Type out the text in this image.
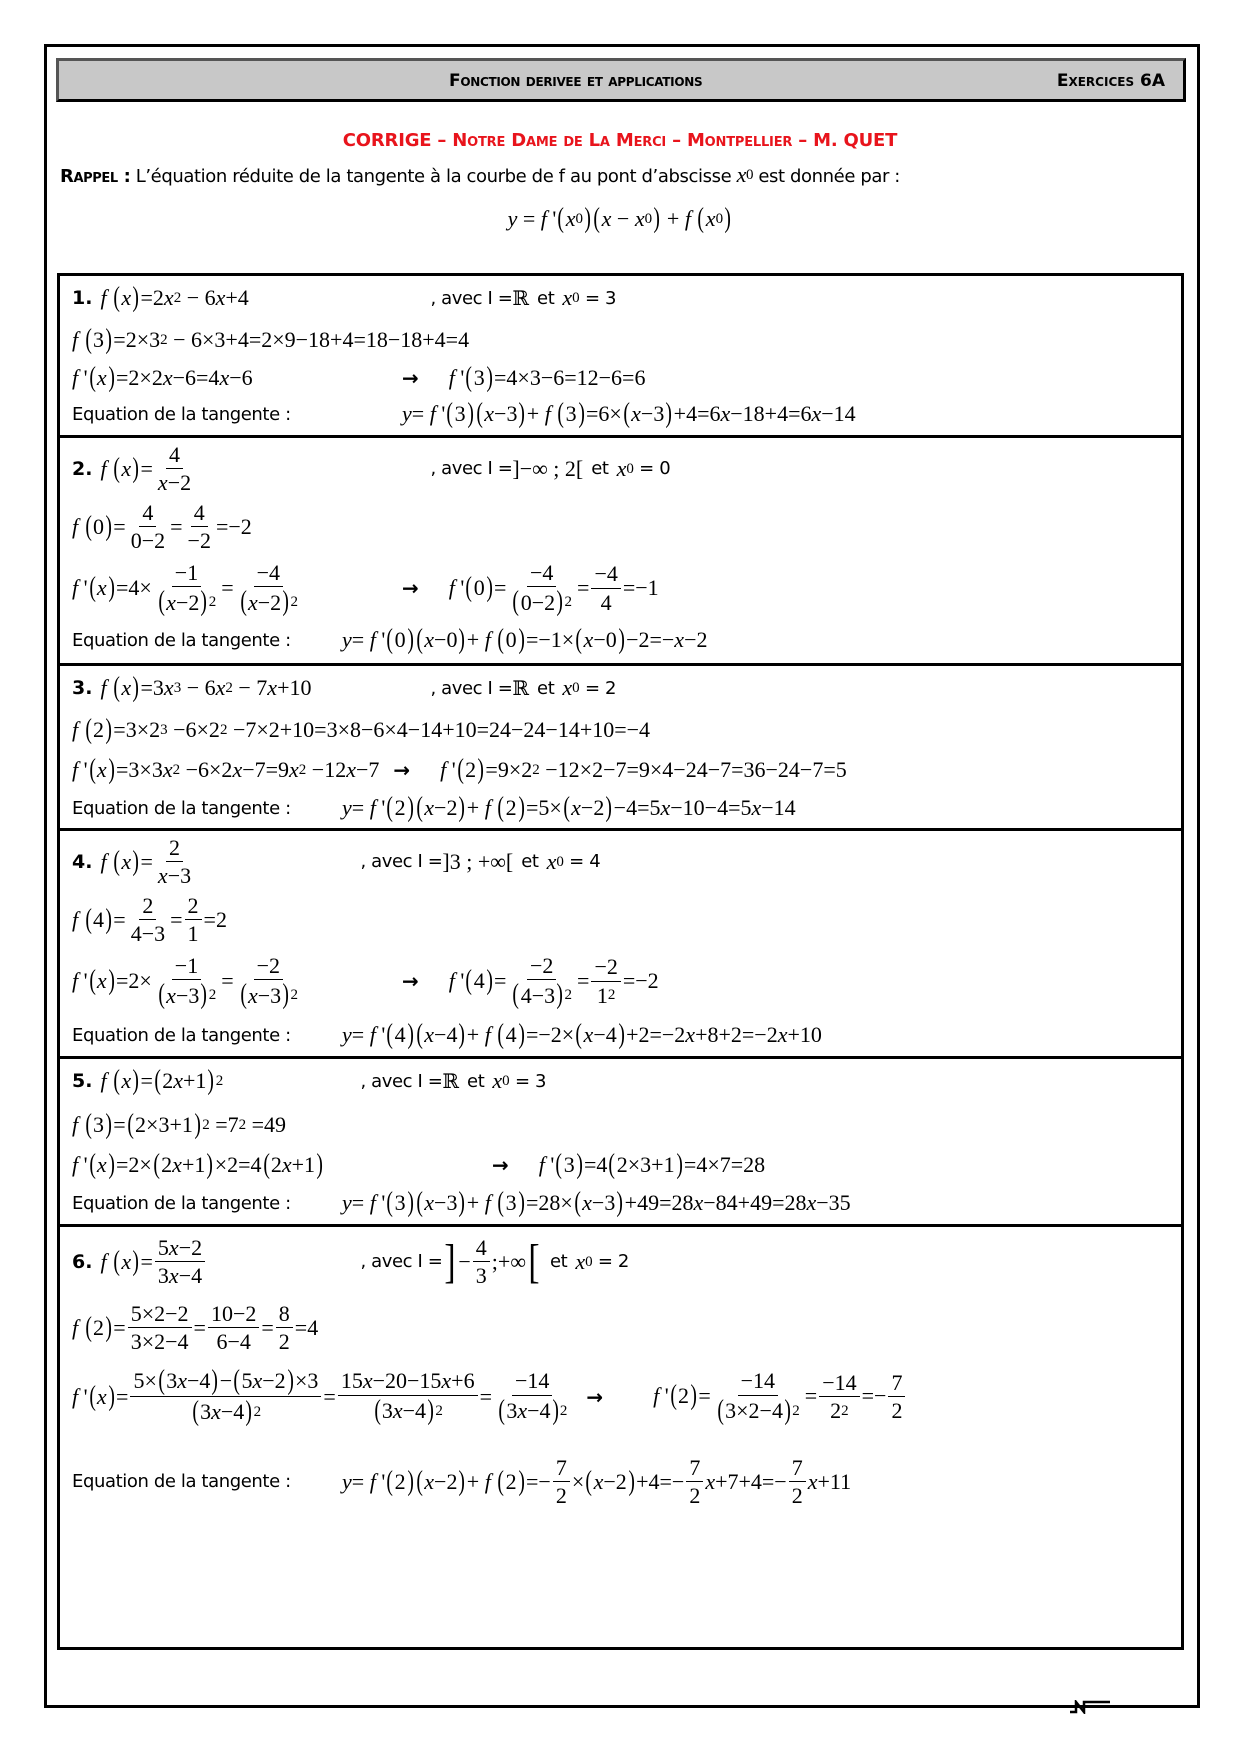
Fonction derivee et applications	Exercices 6A
CORRIGE – Notre Dame de La Merci – Montpellier – M. QUET
Rappel : L’équation réduite de la tangente à la courbe de f au pont d’abscisse x 0 est donnée par :
y = f ' ( x 0 ) ( x − x 0 ) + f
( x 0 )
1. f
( x ) =2 x 2 − 6 x +4	, avec I = ℝ et x 0 = 3
f
( 3 ) =2×3 2 − 6×3+4=2×9−18+4=18−18+4=4
f ' ( x ) =2×2 x −6=4 x −6	→ f ' ( 3 ) =4×3−6=12−6=6
Equation de la tangente :	y = f ' ( 3 ) ( x −3 ) + f
( 3 ) =6× ( x −3 ) +4=6 x −18+4=6 x −14
2. f
( x ) = $\frac{4}{x -2}$	, avec I = ]−∞ ; 2[ et x 0 = 0
f
( 0 ) = $\frac{4}{0-2} = \frac{4}{-2} =-2$
f ' ( x ) $=4\times \frac{-1}{( x -2 ) 2} = \frac{-4}{( x -2 ) 2}$	→ f ' ( 0 ) = $\frac{-4}{( 0-2 ) 2} = \frac{-4}{4} =-1$
Equation de la tangente :	y = f ' ( 0 ) ( x −0 ) + f
( 0 ) =−1× ( x −0 ) −2=− x −2
3. f
( x ) =3 x 3 − 6 x 2 − 7 x +10	, avec I = ℝ et x 0 = 2
f
( 2 ) =3×2 3 −6×2 2 −7×2+10=3×8−6×4−14+10=24−24−14+10=−4
f ' ( x ) =3×3 x 2 −6×2 x −7=9 x 2 −12 x −7 → f ' ( 2 ) =9×2 2 −12×2−7=9×4−24−7=36−24−7=5
Equation de la tangente :	y = f ' ( 2 ) ( x −2 ) + f
( 2 ) =5× ( x −2 ) −4=5 x −10−4=5 x −14
4. f
( x ) = $\frac{2}{x -3}$	, avec I = ]3 ; +∞[ et x 0 = 4
f
( 4 ) = $\frac{2}{4-3} = \frac{2}{1} =2$
f ' ( x ) $=2\times \frac{-1}{( x -3 ) 2} = \frac{-2}{( x -3 ) 2}$	→ f ' ( 4 ) = $\frac{-2}{( 4-3 ) 2} = \frac{-2}{1 2} =-2$
Equation de la tangente :	y = f ' ( 4 ) ( x −4 ) + f
( 4 ) =−2× ( x −4 ) +2=−2 x +8+2=−2 x +10
5. f
( x ) = ( 2 x +1 ) 2	, avec I = ℝ et x 0 = 3
f
( 3 ) = ( 2×3+1 ) 2 =7 2 =49
f ' ( x ) =2× ( 2 x +1 ) ×2=4 ( 2 x +1 )	→ f ' ( 3 ) =4 ( 2×3+1 ) =4×7=28
Equation de la tangente :	y = f ' ( 3 ) ( x −3 ) + f
( 3 ) =28× ( x −3 ) +49=28 x −84+49=28 x −35
6. f
( x ) = $\frac{5 x -2}{3 x -4}$	, avec I = ] − $\frac{4}{3}$ ;+∞ [ et x 0 = 2
f
( 2 ) = $\frac{5\times 2-2}{3\times 2-4} = \frac{10-2}{6-4} = \frac{8}{2} =4$
f ' ( x ) = $\frac{5\times ( 3 x -4 ) - ( 5 x -2 ) \times 3}{( 3 x -4 ) 2} = \frac{15 x -20-15 x +6}{( 3 x -4 ) 2} = \frac{-14}{( 3 x -4 ) 2} \to f$ ' ( 2 ) = $\frac{-14}{( 3\times 2-4 ) 2} = \frac{-14}{2 2} =- \frac{7}{2}$
Equation de la tangente :	y = f ' ( 2 ) ( x −2 ) + f
( 2 ) =− $\frac{7}{2}$ × ( x −2 ) $+4=- \frac{7}{2}$ $x +7+4=- \frac{7}{2}$ x +11
